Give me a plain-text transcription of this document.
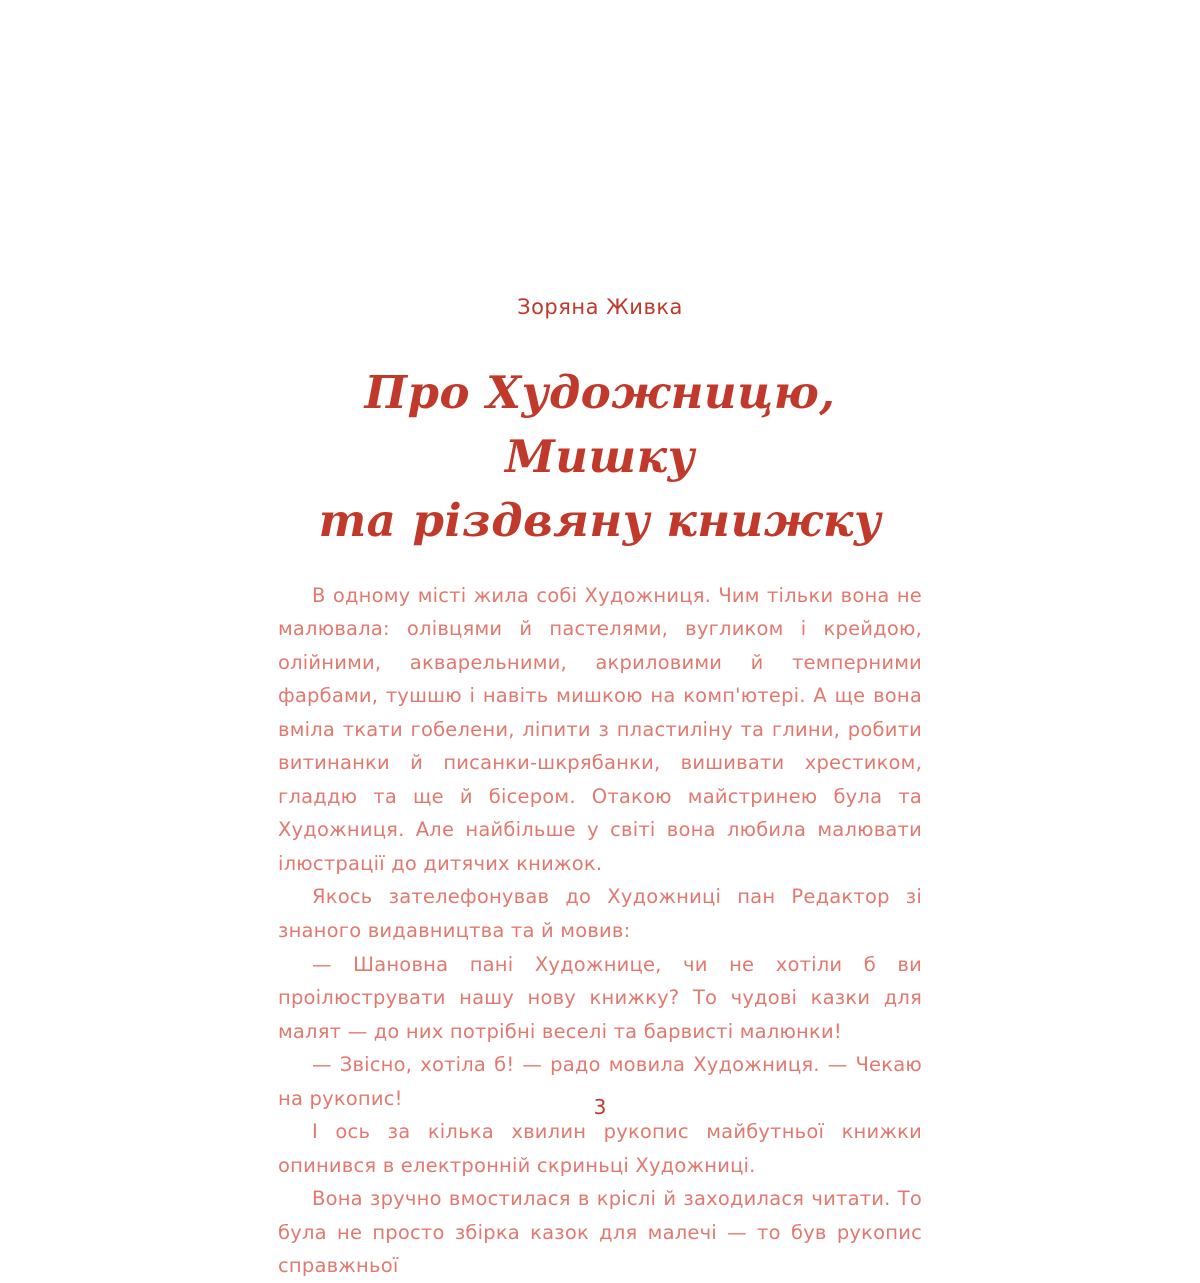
Зоряна Живка
Про Художницю, Мишку
та різдвяну книжку

В одному місті жила собі Художниця. Чим тільки вона не малювала: олівцями й пастелями, вугликом і крейдою, олійними, акварельними, акриловими й темперними фарбами, тушшю і навіть мишкою на комп'ютері. А ще вона вміла ткати гобелени, ліпити з пластиліну та глини, робити витинанки й писанки-шкрябанки, вишивати хрестиком, гладдю та ще й бісером. Отакою майстринею була та Художниця. Але найбільше у світі вона любила малювати ілюстрації до дитячих книжок.

Якось зателефонував до Художниці пан Редактор зі знаного видавництва та й мовив:

— Шановна пані Художнице, чи не хотіли б ви проілюструвати нашу нову книжку? То чудові казки для малят — до них потрібні веселі та барвисті малюнки!

— Звісно, хотіла б! — радо мовила Художниця. — Чекаю на рукопис!

І ось за кілька хвилин рукопис майбутньої книжки опинився в електронній скриньці Художниці.

Вона зручно вмостилася в кріслі й заходилася читати. То була не просто збірка казок для малечі — то був рукопис справжньої

3
